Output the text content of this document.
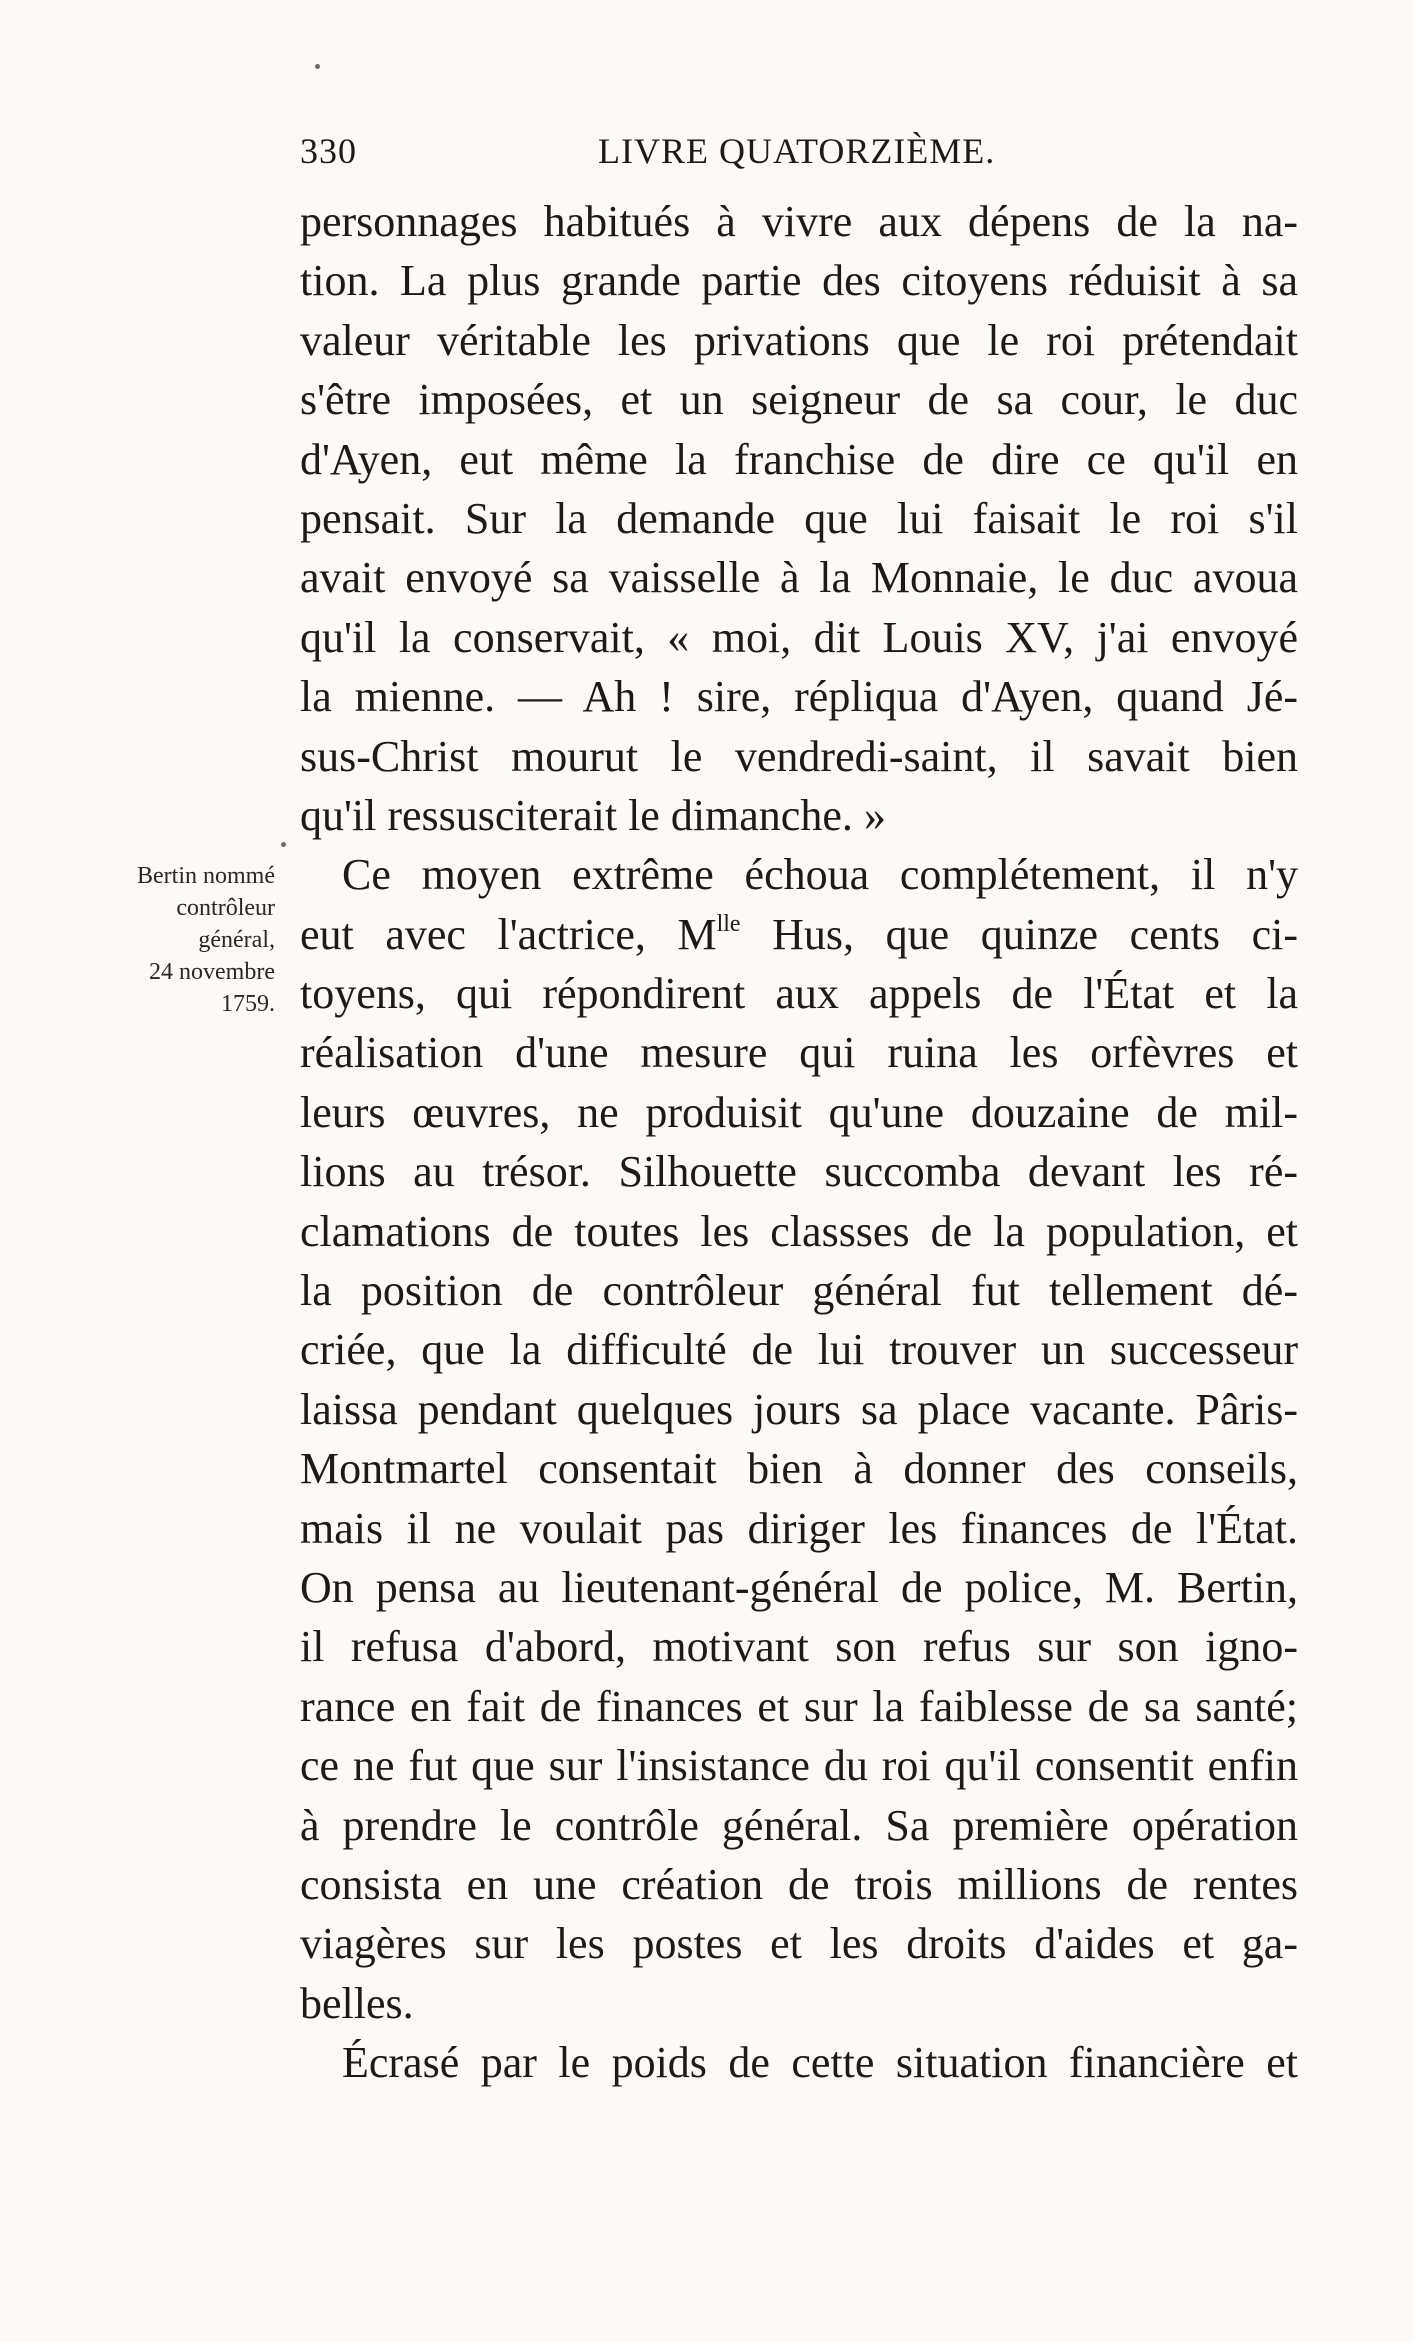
330	LIVRE QUATORZIÈME.
Bertin nommé
contrôleur
général,
24 novembre
1759.
personnages habitués à vivre aux dépens de la na-
tion. La plus grande partie des citoyens réduisit à sa
valeur véritable les privations que le roi prétendait
s'être imposées, et un seigneur de sa cour, le duc
d'Ayen, eut même la franchise de dire ce qu'il en
pensait. Sur la demande que lui faisait le roi s'il
avait envoyé sa vaisselle à la Monnaie, le duc avoua
qu'il la conservait, « moi, dit Louis XV, j'ai envoyé
la mienne. — Ah ! sire, répliqua d'Ayen, quand Jé-
sus-Christ mourut le vendredi-saint, il savait bien
qu'il ressusciterait le dimanche. »
Ce moyen extrême échoua complétement, il n'y
eut avec l'actrice, $M^{lle}$ Hus, que quinze cents ci-
toyens, qui répondirent aux appels de l'État et la
réalisation d'une mesure qui ruina les orfèvres et
leurs œuvres, ne produisit qu'une douzaine de mil-
lions au trésor. Silhouette succomba devant les ré-
clamations de toutes les classses de la population, et
la position de contrôleur général fut tellement dé-
criée, que la difficulté de lui trouver un successeur
laissa pendant quelques jours sa place vacante. Pâris-
Montmartel consentait bien à donner des conseils,
mais il ne voulait pas diriger les finances de l'État.
On pensa au lieutenant-général de police, M. Bertin,
il refusa d'abord, motivant son refus sur son igno-
rance en fait de finances et sur la faiblesse de sa santé;
ce ne fut que sur l'insistance du roi qu'il consentit enfin
à prendre le contrôle général. Sa première opération
consista en une création de trois millions de rentes
viagères sur les postes et les droits d'aides et ga-
belles.
Écrasé par le poids de cette situation financière et
